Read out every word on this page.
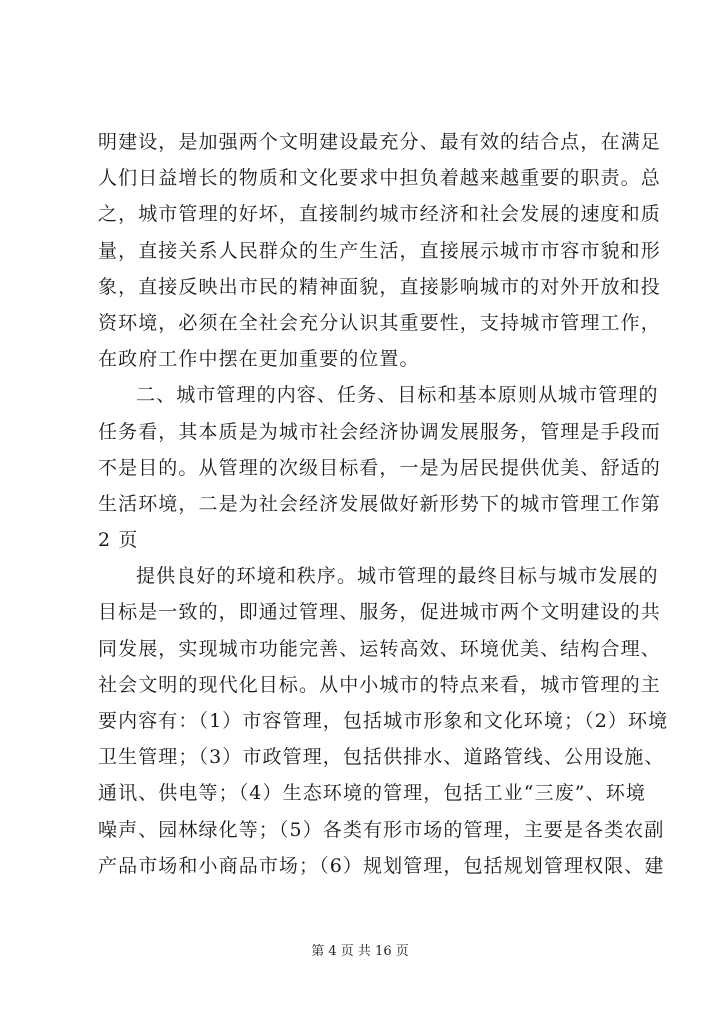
明建设，是加强两个文明建设最充分、最有效的结合点，在满足
人们日益增长的物质和文化要求中担负着越来越重要的职责。总
之，城市管理的好坏，直接制约城市经济和社会发展的速度和质
量，直接关系人民群众的生产生活，直接展示城市市容市貌和形
象，直接反映出市民的精神面貌，直接影响城市的对外开放和投
资环境，必须在全社会充分认识其重要性，支持城市管理工作，
在政府工作中摆在更加重要的位置。
二、城市管理的内容、任务、目标和基本原则从城市管理的
任务看，其本质是为城市社会经济协调发展服务，管理是手段而
不是目的。从管理的次级目标看，一是为居民提供优美、舒适的
生活环境，二是为社会经济发展做好新形势下的城市管理工作第
2 页
提供良好的环境和秩序。城市管理的最终目标与城市发展的
目标是一致的，即通过管理、服务，促进城市两个文明建设的共
同发展，实现城市功能完善、运转高效、环境优美、结构合理、
社会文明的现代化目标。从中小城市的特点来看，城市管理的主
要内容有：（1）市容管理，包括城市形象和文化环境；（2）环境
卫生管理；（3）市政管理，包括供排水、道路管线、公用设施、
通讯、供电等；（4）生态环境的管理，包括工业“三废”、环境
噪声、园林绿化等；（5）各类有形市场的管理，主要是各类农副
产品市场和小商品市场；（6）规划管理，包括规划管理权限、建
第 4 页 共 16 页
